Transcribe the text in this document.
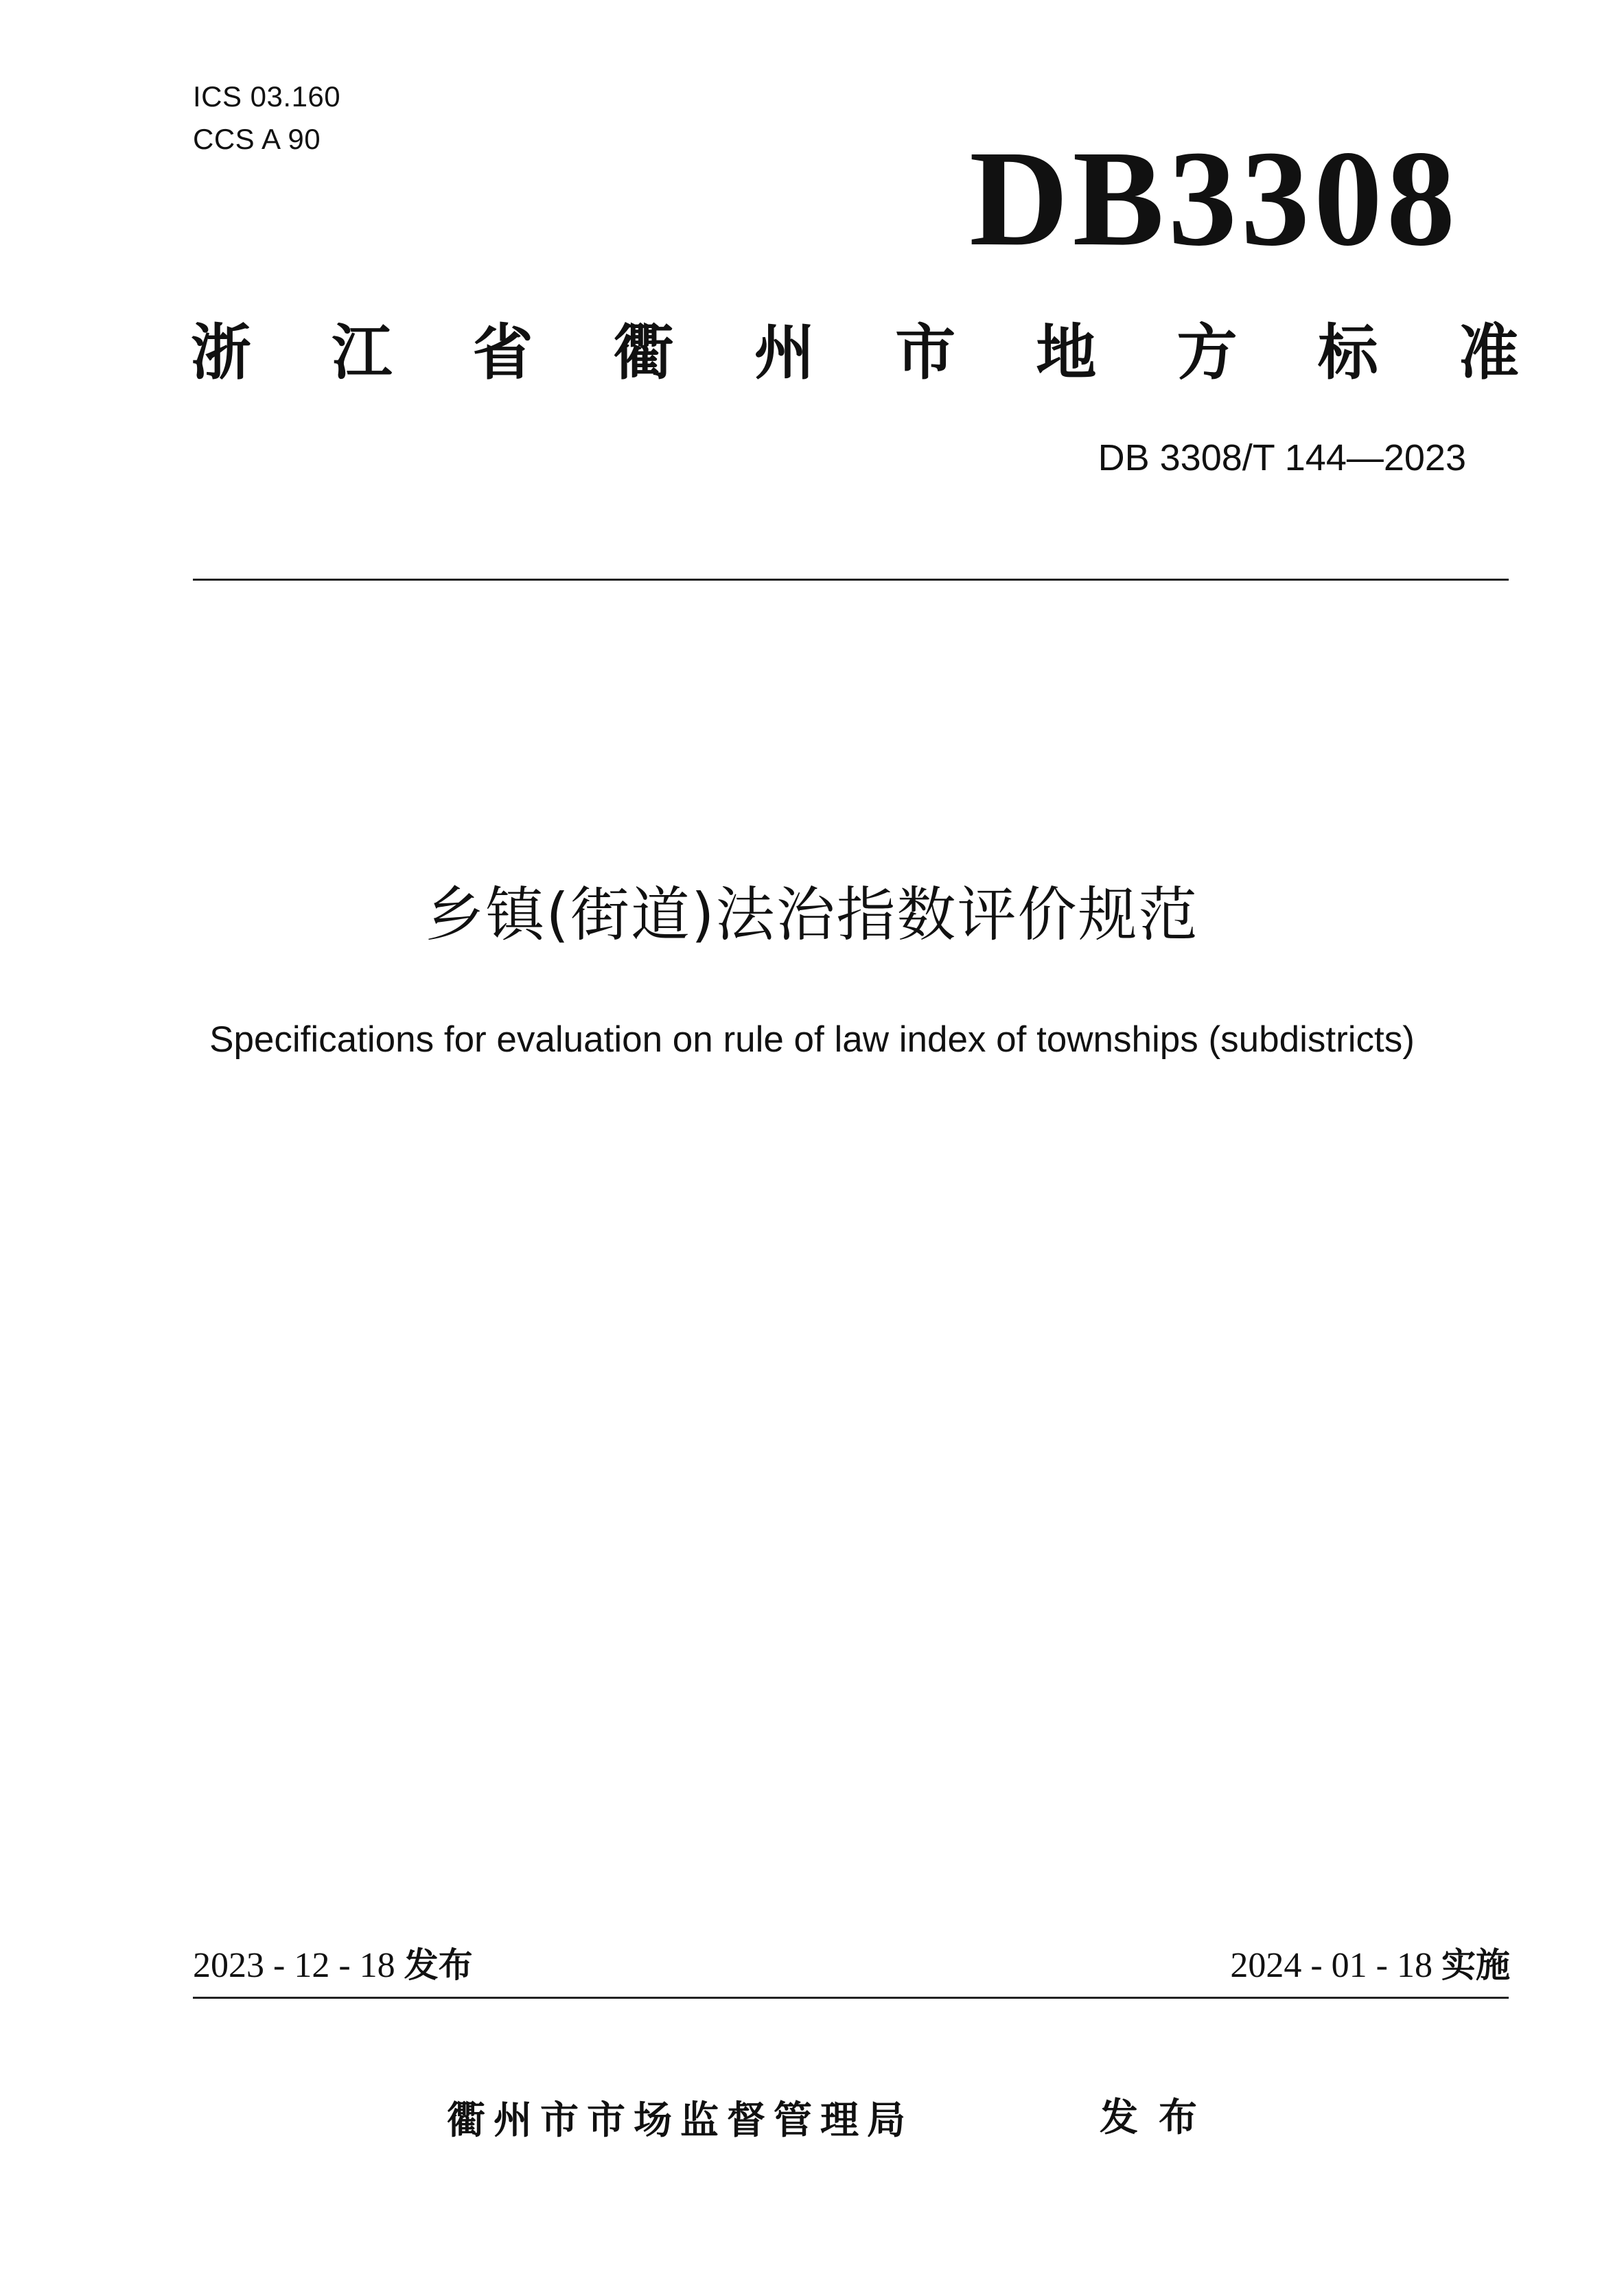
ICS 03.160
CCS A 90	DB3308
浙 江 省 衢 州 市 地 方 标 准
DB 3308/T 144—2023
乡镇(街道)法治指数评价规范
Specifications for evaluation on rule of law index of townships (subdistricts)
2023 - 12 - 18 发布	2024 - 01 - 18 实施
衢州市市场监督管理局	发布
